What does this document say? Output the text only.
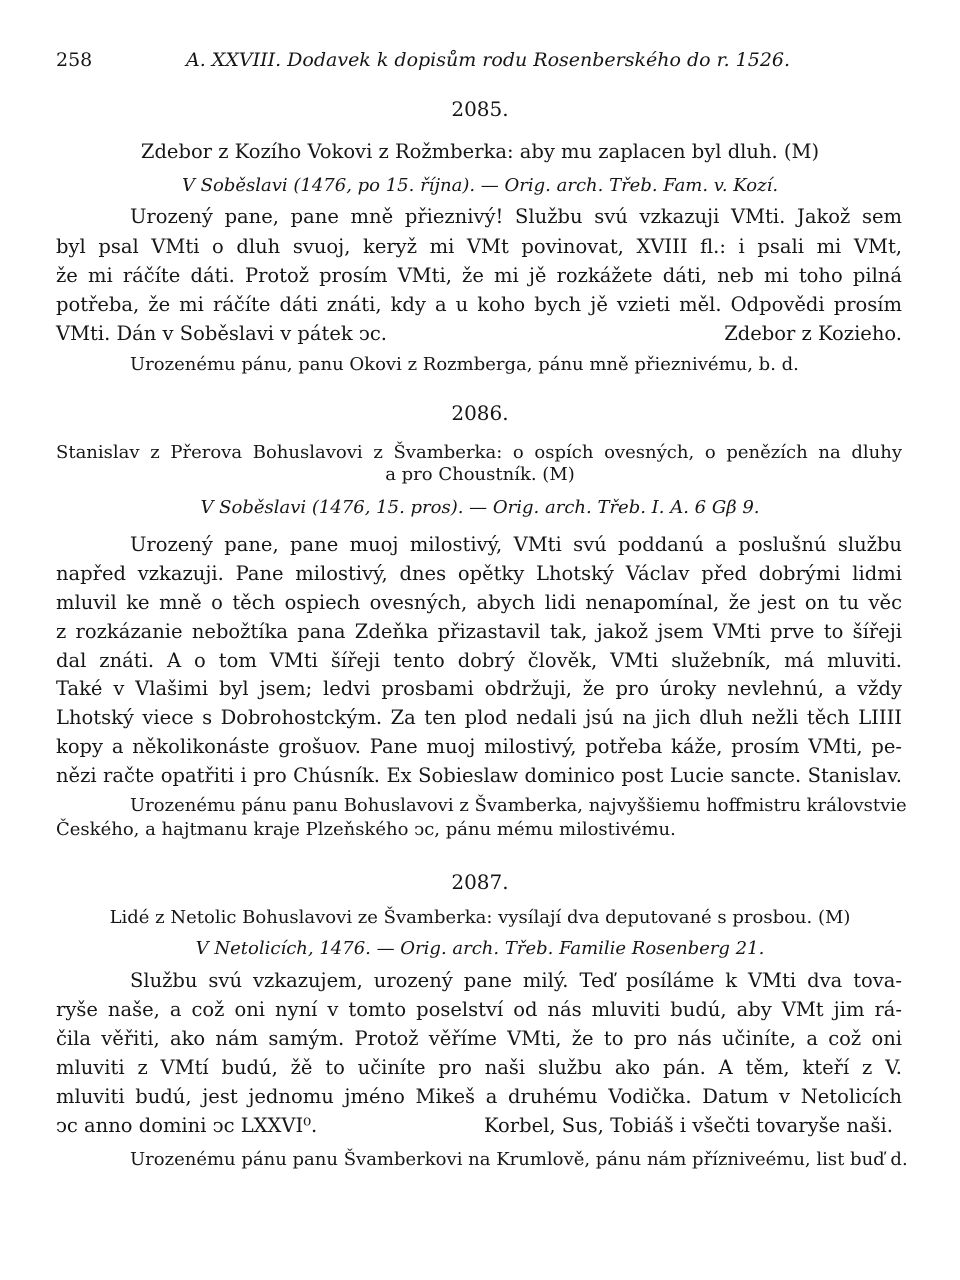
258	A. XXVIII. Dodavek k dopisům rodu Rosenberského do r. 1526.
2085.
Zdebor z Kozího Vokovi z Rožmberka: aby mu zaplacen byl dluh. (M)
V Soběslavi (1476, po 15. října). — Orig. arch. Třeb. Fam. v. Kozí.
Urozený pane, pane mně přieznivý! Službu svú vzkazuji VMti. Jakož sem
byl psal VMti o dluh svuoj, keryž mi VMt povinovat, XVIII fl.: i psali mi VMt,
že mi ráčíte dáti. Protož prosím VMti, že mi jě rozkážete dáti, neb mi toho pilná
potřeba, že mi ráčíte dáti znáti, kdy a u koho bych jě vzieti měl. Odpovědi prosím
VMti. Dán v Soběslavi v pátek ↄc.	Zdebor z Kozieho.
Urozenému pánu, panu Okovi z Rozmberga, pánu mně přieznivému, b. d.
2086.
Stanislav z Přerova Bohuslavovi z Švamberka: o ospích ovesných, o penězích na dluhy
a pro Choustník. (M)
V Soběslavi (1476, 15. pros). — Orig. arch. Třeb. I. A. 6 Gβ 9.
Urozený pane, pane muoj milostivý, VMti svú poddanú a poslušnú službu
napřed vzkazuji. Pane milostivý, dnes opětky Lhotský Václav před dobrými lidmi
mluvil ke mně o těch ospiech ovesných, abych lidi nenapomínal, že jest on tu věc
z rozkázanie nebožtíka pana Zdeňka přizastavil tak, jakož jsem VMti prve to šířeji
dal znáti. A o tom VMti šířeji tento dobrý člověk, VMti služebník, má mluviti.
Také v Vlašimi byl jsem; ledvi prosbami obdržuji, že pro úroky nevlehnú, a vždy
Lhotský viece s Dobrohostckým. Za ten plod nedali jsú na jich dluh nežli těch LIIII
kopy a několikonáste grošuov. Pane muoj milostivý, potřeba káže, prosím VMti, pe-
nězi račte opatřiti i pro Chúsník. Ex Sobieslaw dominico post Lucie sancte. Stanislav.
Urozenému pánu panu Bohuslavovi z Švamberka, najvyššiemu hoffmistru královstvie
Českého, a hajtmanu kraje Plzeňského ↄc, pánu mému milostivému.
2087.
Lidé z Netolic Bohuslavovi ze Švamberka: vysílají dva deputované s prosbou. (M)
V Netolicích, 1476. — Orig. arch. Třeb. Familie Rosenberg 21.
Službu svú vzkazujem, urozený pane milý. Teď posíláme k VMti dva tova-
ryše naše, a což oni nyní v tomto poselství od nás mluviti budú, aby VMt jim rá-
čila věřiti, ako nám samým. Protož věříme VMti, že to pro nás učiníte, a což oni
mluviti z VMtí budú, žě to učiníte pro naši službu ako pán. A těm, kteří z V.
mluviti budú, jest jednomu jméno Mikeš a druhému Vodička. Datum v Netolicích
ↄc anno domini ↄc LXXVI⁰.	Korbel, Sus, Tobiáš i všečti tovaryše naši.
Urozenému pánu panu Švamberkovi na Krumlově, pánu nám přízniveému, list buď d.
